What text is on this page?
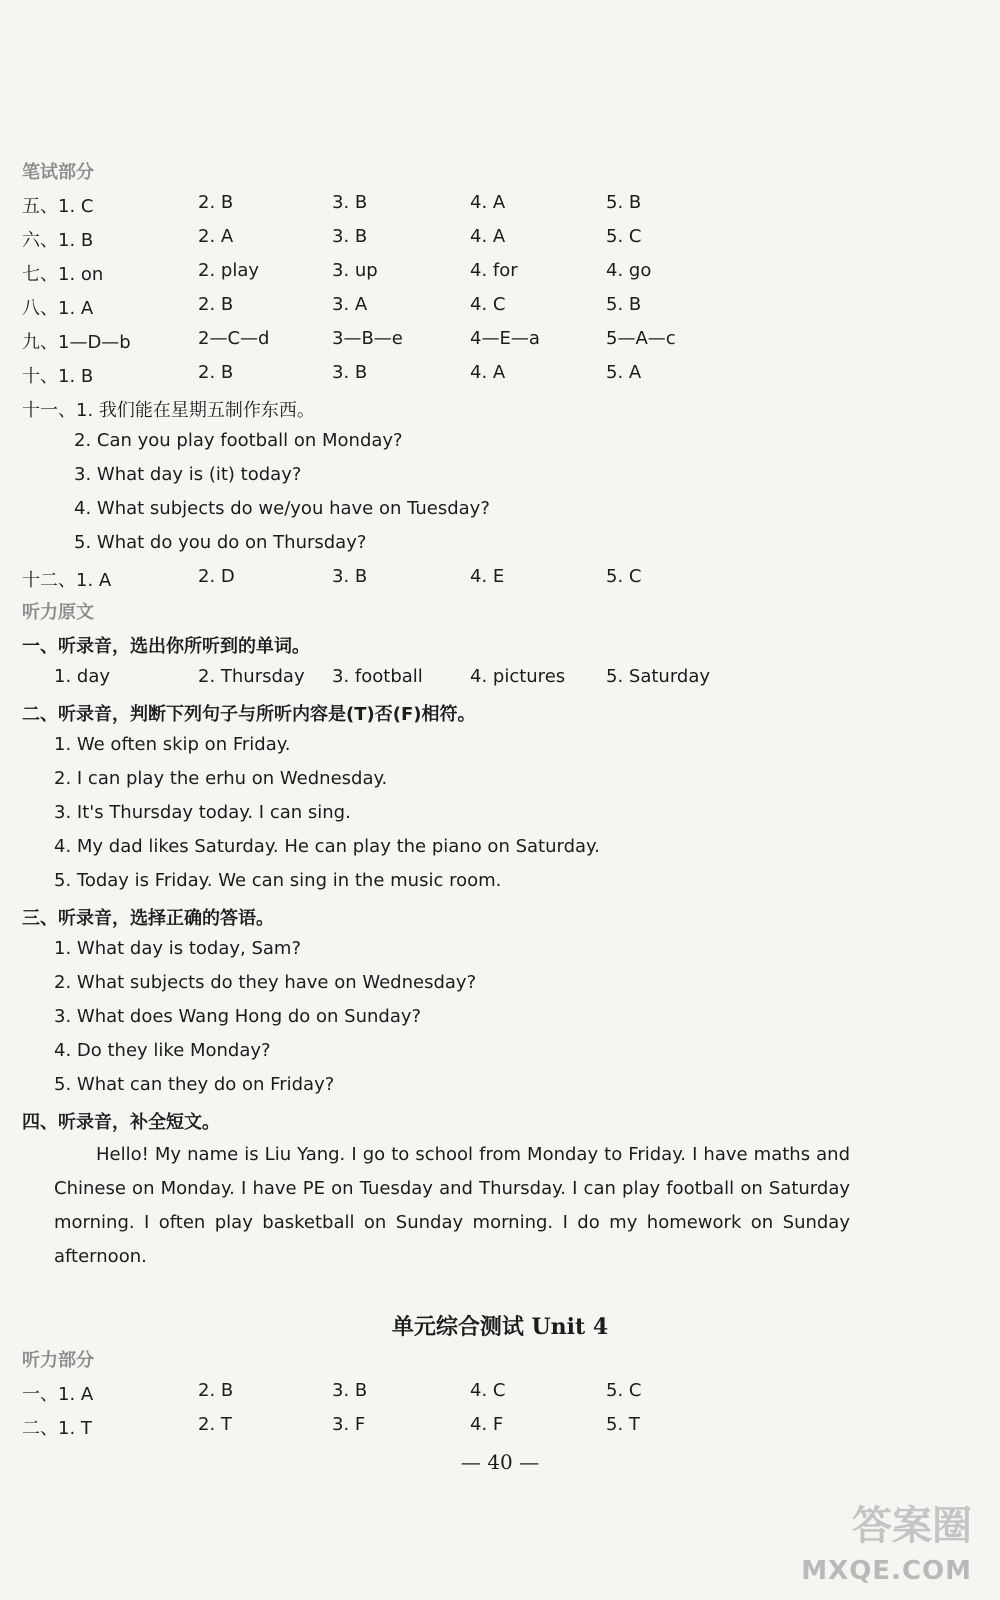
笔试部分
五、1. C	2. B	3. B	4. A	5. B
六、1. B	2. A	3. B	4. A	5. C
七、1. on	2. play	3. up	4. for	4. go
八、1. A	2. B	3. A	4. C	5. B
九、1—D—b	2—C—d	3—B—e	4—E—a	5—A—c
十、1. B	2. B	3. B	4. A	5. A
十一、1. 我们能在星期五制作东西。
2. Can you play football on Monday?
3. What day is (it) today?
4. What subjects do we/you have on Tuesday?
5. What do you do on Thursday?
十二、1. A	2. D	3. B	4. E	5. C
听力原文
一、听录音，选出你所听到的单词。
1. day	2. Thursday 3. football	4. pictures 5. Saturday
二、听录音，判断下列句子与所听内容是(T)否(F)相符。
1. We often skip on Friday.
2. I can play the erhu on Wednesday.
3. It's Thursday today. I can sing.
4. My dad likes Saturday. He can play the piano on Saturday.
5. Today is Friday. We can sing in the music room.
三、听录音，选择正确的答语。
1. What day is today, Sam?
2. What subjects do they have on Wednesday?
3. What does Wang Hong do on Sunday?
4. Do they like Monday?
5. What can they do on Friday?
四、听录音，补全短文。
Hello! My name is Liu Yang. I go to school from Monday to Friday. I have maths and Chinese on Monday. I have PE on Tuesday and Thursday. I can play football on Saturday morning. I often play basketball on Sunday morning. I do my homework on Sunday afternoon.
单元综合测试 Unit 4
听力部分
一、1. A	2. B	3. B	4. C	5. C
二、1. T	2. T	3. F	4. F	5. T
— 40 —
答案圈
MXQE.COM
